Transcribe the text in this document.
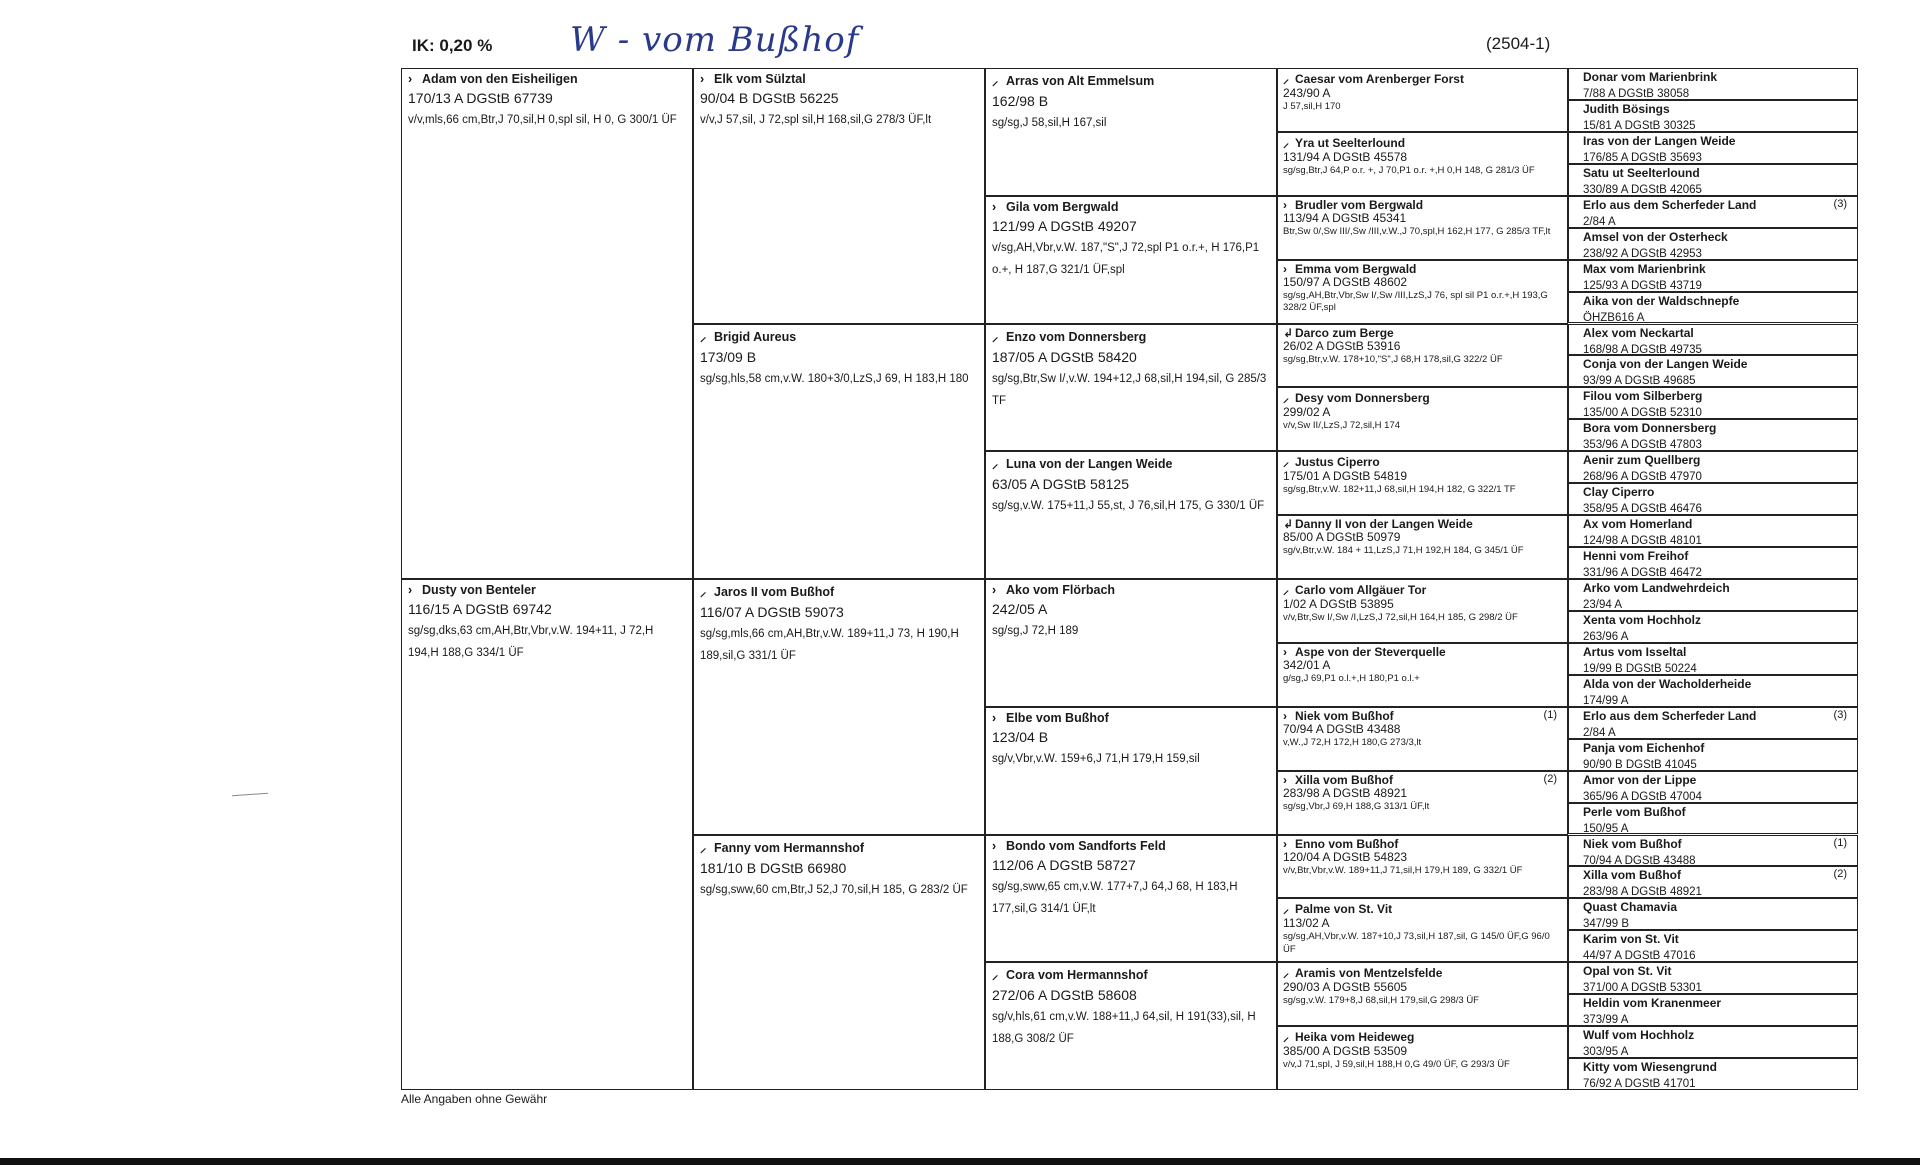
IK: 0,20 % W - vom Bußhof	(2504-1)
› Adam von den Eisheiligen
170/13 A DGStB 67739
v/v,mls,66 cm,Btr,J 70,sil,H 0,spl sil, H 0, G 300/1 ÜF
› Dusty von Benteler
116/15 A DGStB 69742
sg/sg,dks,63 cm,AH,Btr,Vbr,v.W. 194+11, J 72,H 194,H 188,G 334/1 ÜF
› Elk vom Sülztal
90/04 B DGStB 56225
v/v,J 57,sil, J 72,spl sil,H 168,sil,G 278/3 ÜF,lt
⸝ Brigid Aureus
173/09 B
sg/sg,hls,58 cm,v.W. 180+3/0,LzS,J 69, H 183,H 180
⸝ Jaros II vom Bußhof
116/07 A DGStB 59073
sg/sg,mls,66 cm,AH,Btr,v.W. 189+11,J 73, H 190,H 189,sil,G 331/1 ÜF
⸝ Fanny vom Hermannshof
181/10 B DGStB 66980
sg/sg,sww,60 cm,Btr,J 52,J 70,sil,H 185, G 283/2 ÜF
⸝ Arras von Alt Emmelsum
162/98 B
sg/sg,J 58,sil,H 167,sil
› Gila vom Bergwald
121/99 A DGStB 49207
v/sg,AH,Vbr,v.W. 187,"S",J 72,spl P1 o.r.+, H 176,P1 o.+, H 187,G 321/1 ÜF,spl
⸝ Enzo vom Donnersberg
187/05 A DGStB 58420
sg/sg,Btr,Sw I/,v.W. 194+12,J 68,sil,H 194,sil, G 285/3 TF
⸝ Luna von der Langen Weide
63/05 A DGStB 58125
sg/sg,v.W. 175+11,J 55,st, J 76,sil,H 175, G 330/1 ÜF
› Ako vom Flörbach
242/05 A
sg/sg,J 72,H 189
› Elbe vom Bußhof
123/04 B
sg/v,Vbr,v.W. 159+6,J 71,H 179,H 159,sil
› Bondo vom Sandforts Feld
112/06 A DGStB 58727
sg/sg,sww,65 cm,v.W. 177+7,J 64,J 68, H 183,H 177,sil,G 314/1 ÜF,lt
⸝ Cora vom Hermannshof
272/06 A DGStB 58608
sg/v,hls,61 cm,v.W. 188+11,J 64,sil, H 191(33),sil, H 188,G 308/2 ÜF
⸝ Caesar vom Arenberger Forst
243/90 A
J 57,sil,H 170
⸝ Yra ut Seelterlound
131/94 A DGStB 45578
sg/sg,Btr,J 64,P o.r. +, J 70,P1 o.r. +,H 0,H 148, G 281/3 ÜF
› Brudler vom Bergwald
113/94 A DGStB 45341
Btr,Sw 0/,Sw III/,Sw /III,v.W.,J 70,spl,H 162,H 177, G 285/3 TF,lt
› Emma vom Bergwald
150/97 A DGStB 48602
sg/sg,AH,Btr,Vbr,Sw I/,Sw /III,LzS,J 76, spl sil P1 o.r.+,H 193,G 328/2 ÜF,spl
↲ Darco zum Berge
26/02 A DGStB 53916
sg/sg,Btr,v.W. 178+10,"S",J 68,H 178,sil,G 322/2 ÜF
⸝ Desy vom Donnersberg
299/02 A
v/v,Sw II/,LzS,J 72,sil,H 174
⸝ Justus Ciperro
175/01 A DGStB 54819
sg/sg,Btr,v.W. 182+11,J 68,sil,H 194,H 182, G 322/1 TF
↲ Danny II von der Langen Weide
85/00 A DGStB 50979
sg/v,Btr,v.W. 184 + 11,LzS,J 71,H 192,H 184, G 345/1 ÜF
⸝ Carlo vom Allgäuer Tor
1/02 A DGStB 53895
v/v,Btr,Sw I/,Sw /I,LzS,J 72,sil,H 164,H 185, G 298/2 ÜF
› Aspe von der Steverquelle
342/01 A
g/sg,J 69,P1 o.l.+,H 180,P1 o.l.+
› Niek vom Bußhof
70/94 A DGStB 43488
v,W.,J 72,H 172,H 180,G 273/3,lt
(1)
› Xilla vom Bußhof
283/98 A DGStB 48921
sg/sg,Vbr,J 69,H 188,G 313/1 ÜF,lt
(2)
› Enno vom Bußhof
120/04 A DGStB 54823
v/v,Btr,Vbr,v.W. 189+11,J 71,sil,H 179,H 189, G 332/1 ÜF
⸝ Palme von St. Vit
113/02 A
sg/sg,AH,Vbr,v.W. 187+10,J 73,sil,H 187,sil, G 145/0 ÜF,G 96/0 ÜF
⸝ Aramis von Mentzelsfelde
290/03 A DGStB 55605
sg/sg,v.W. 179+8,J 68,sil,H 179,sil,G 298/3 ÜF
⸝ Heika vom Heideweg
385/00 A DGStB 53509
v/v,J 71,spl, J 59,sil,H 188,H 0,G 49/0 ÜF, G 293/3 ÜF
Donar vom Marienbrink
7/88 A DGStB 38058
Judith Bösings
15/81 A DGStB 30325
Iras von der Langen Weide
176/85 A DGStB 35693
Satu ut Seelterlound
330/89 A DGStB 42065
Erlo aus dem Scherfeder Land
2/84 A
(3)
Amsel von der Osterheck
238/92 A DGStB 42953
Max vom Marienbrink
125/93 A DGStB 43719
Aika von der Waldschnepfe
ÖHZB616 A
Alex vom Neckartal
168/98 A DGStB 49735
Conja von der Langen Weide
93/99 A DGStB 49685
Filou vom Silberberg
135/00 A DGStB 52310
Bora vom Donnersberg
353/96 A DGStB 47803
Aenir zum Quellberg
268/96 A DGStB 47970
Clay Ciperro
358/95 A DGStB 46476
Ax vom Homerland
124/98 A DGStB 48101
Henni vom Freihof
331/96 A DGStB 46472
Arko vom Landwehrdeich
23/94 A
Xenta vom Hochholz
263/96 A
Artus vom Isseltal
19/99 B DGStB 50224
Alda von der Wacholderheide
174/99 A
Erlo aus dem Scherfeder Land
2/84 A
(3)
Panja vom Eichenhof
90/90 B DGStB 41045
Amor von der Lippe
365/96 A DGStB 47004
Perle vom Bußhof
150/95 A
Niek vom Bußhof
70/94 A DGStB 43488
(1)
Xilla vom Bußhof
283/98 A DGStB 48921
(2)
Quast Chamavia
347/99 B
Karim von St. Vit
44/97 A DGStB 47016
Opal von St. Vit
371/00 A DGStB 53301
Heldin vom Kranenmeer
373/99 A
Wulf vom Hochholz
303/95 A
Kitty vom Wiesengrund
76/92 A DGStB 41701
Alle Angaben ohne Gewähr
